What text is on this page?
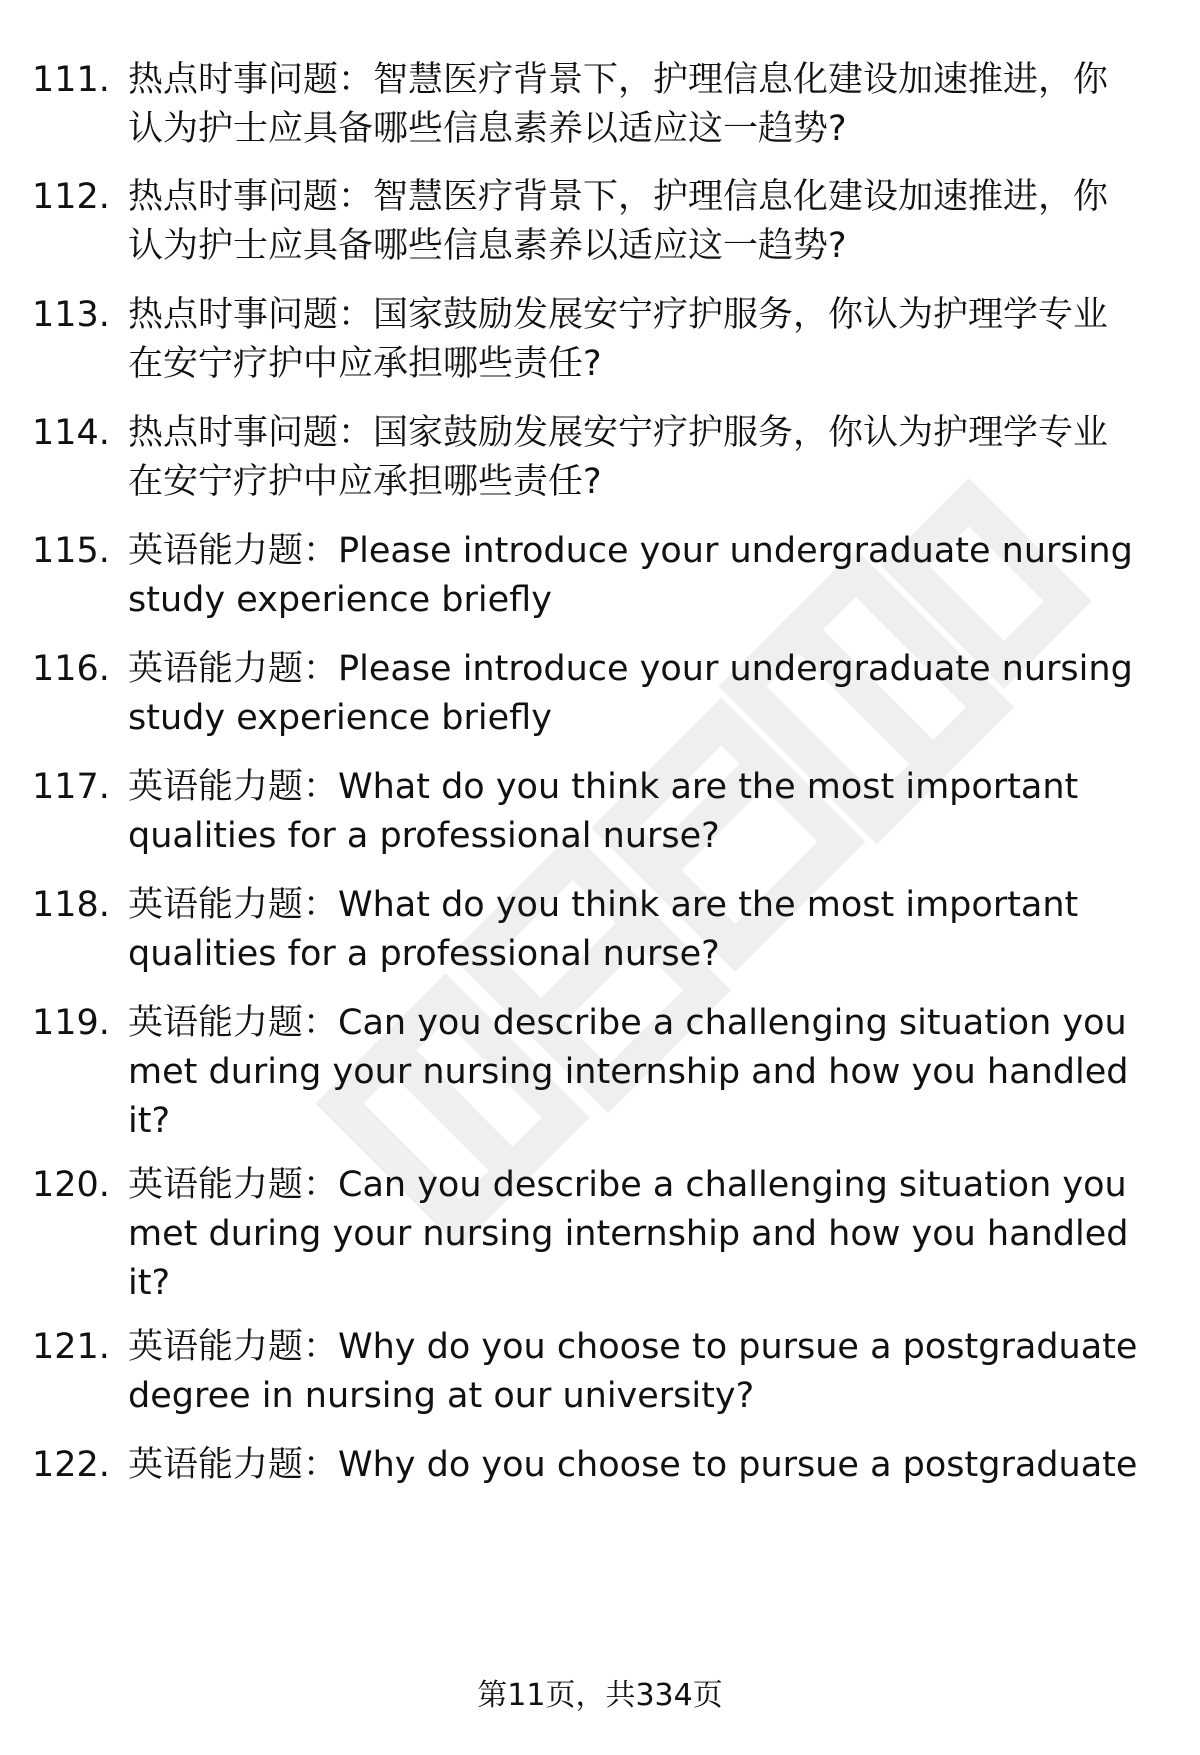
111. 热点时事问题：智慧医疗背景下，护理信息化建设加速推进，你
认为护士应具备哪些信息素养以适应这一趋势?
112. 热点时事问题：智慧医疗背景下，护理信息化建设加速推进，你
认为护士应具备哪些信息素养以适应这一趋势?
113. 热点时事问题：国家鼓励发展安宁疗护服务，你认为护理学专业
在安宁疗护中应承担哪些责任?
114. 热点时事问题：国家鼓励发展安宁疗护服务，你认为护理学专业
在安宁疗护中应承担哪些责任?
115. 英语能力题：Please introduce your undergraduate nursing
study experience briefly
116. 英语能力题：Please introduce your undergraduate nursing
study experience briefly
117. 英语能力题：What do you think are the most important
qualities for a professional nurse?
118. 英语能力题：What do you think are the most important
qualities for a professional nurse?
119. 英语能力题：Can you describe a challenging situation you
met during your nursing internship and how you handled
it?
120. 英语能力题：Can you describe a challenging situation you
met during your nursing internship and how you handled
it?
121. 英语能力题：Why do you choose to pursue a postgraduate
degree in nursing at our university?
122. 英语能力题：Why do you choose to pursue a postgraduate
第11页，共334页
